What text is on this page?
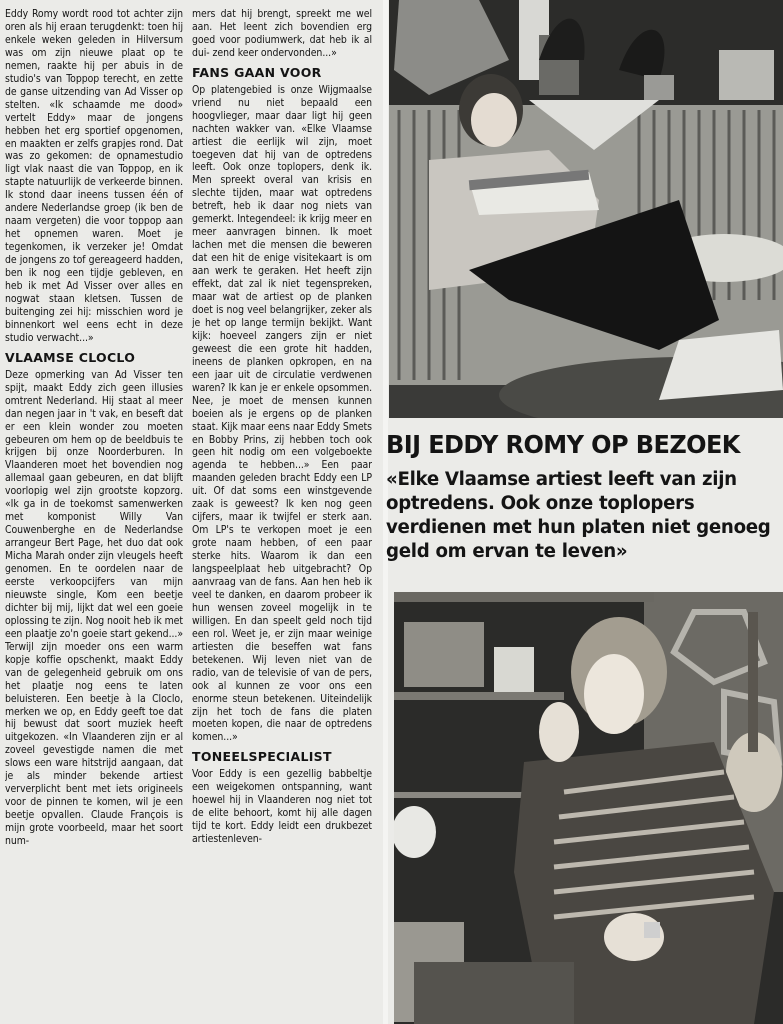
Eddy Romy wordt rood tot achter zijn oren als hij eraan terugdenkt: toen hij enkele weken geleden in Hilversum was om zijn nieuwe plaat op te nemen, raakte hij per abuis in de studio's van Toppop terecht, en zette de ganse uitzending van Ad Visser op stelten. «Ik schaamde me dood» vertelt Eddy» maar de jongens hebben het erg sportief opgenomen, en maakten er zelfs grapjes rond. Dat was zo gekomen: de opnamestudio ligt vlak naast die van Toppop, en ik stapte natuurlijk de verkeerde binnen. Ik stond daar ineens tussen één of andere Nederlandse groep (ik ben de naam vergeten) die voor toppop aan het opnemen waren. Moet je tegenkomen, ik verzeker je! Omdat de jongens zo tof gereageerd hadden, ben ik nog een tijdje gebleven, en heb ik met Ad Visser over alles en nogwat staan kletsen. Tussen de buitenging zei hij: misschien word je binnenkort wel eens echt in deze studio verwacht...»

VLAAMSE CLOCLO

Deze opmerking van Ad Visser ten spijt, maakt Eddy zich geen illusies omtrent Nederland. Hij staat al meer dan negen jaar in 't vak, en beseft dat er een klein wonder zou moeten gebeuren om hem op de beeldbuis te krijgen bij onze Noorderburen. In Vlaanderen moet het bovendien nog allemaal gaan gebeuren, en dat blijft voorlopig wel zijn grootste kopzorg. «Ik ga in de toekomst samenwerken met komponist Willy Van Couwenberghe en de Nederlandse arrangeur Bert Page, het duo dat ook Micha Marah onder zijn vleugels heeft genomen. En te oordelen naar de eerste verkoopcijfers van mijn nieuwste single, Kom een beetje dichter bij mij, lijkt dat wel een goeie oplossing te zijn. Nog nooit heb ik met een plaatje zo'n goeie start gekend...» Terwijl zijn moeder ons een warm kopje koffie opschenkt, maakt Eddy van de gelegenheid gebruik om ons het plaatje nog eens te laten beluisteren. Een beetje à la Cloclo, merken we op, en Eddy geeft toe dat hij bewust dat soort muziek heeft uitgekozen. «In Vlaanderen zijn er al zoveel gevestigde namen die met slows een ware hitstrijd aangaan, dat je als minder bekende artiest ververplicht bent met iets origineels voor de pinnen te komen, wil je een beetje opvallen. Claude François is mijn grote voorbeeld, maar het soort num-

mers dat hij brengt, spreekt me wel aan. Het leent zich bovendien erg goed voor podiumwerk, dat heb ik al dui- zend keer ondervonden...»

FANS GAAN VOOR

Op platengebied is onze Wijgmaalse vriend nu niet bepaald een hoogvlieger, maar daar ligt hij geen nachten wakker van. «Elke Vlaamse artiest die eerlijk wil zijn, moet toegeven dat hij van de optredens leeft. Ook onze toplopers, denk ik. Men spreekt overal van krisis en slechte tijden, maar wat optredens betreft, heb ik daar nog niets van gemerkt. Integendeel: ik krijg meer en meer aanvragen binnen. Ik moet lachen met die mensen die beweren dat een hit de enige visitekaart is om aan werk te geraken. Het heeft zijn effekt, dat zal ik niet tegenspreken, maar wat de artiest op de planken doet is nog veel belangrijker, zeker als je het op lange termijn bekijkt. Want kijk: hoeveel zangers zijn er niet geweest die een grote hit hadden, ineens de planken opkropen, en na een jaar uit de circulatie verdwenen waren? Ik kan je er enkele opsommen. Nee, je moet de mensen kunnen boeien als je ergens op de planken staat. Kijk maar eens naar Eddy Smets en Bobby Prins, zij hebben toch ook geen hit nodig om een volgeboekte agenda te hebben...» Een paar maanden geleden bracht Eddy een LP uit. Of dat soms een winstgevende zaak is geweest? Ik ken nog geen cijfers, maar ik twijfel er sterk aan. Om LP's te verkopen moet je een grote naam hebben, of een paar sterke hits. Waarom ik dan een langspeelplaat heb uitgebracht? Op aanvraag van de fans. Aan hen heb ik veel te danken, en daarom probeer ik hun wensen zoveel mogelijk in te willigen. En dan speelt geld noch tijd een rol. Weet je, er zijn maar weinige artiesten die beseffen wat fans betekenen. Wij leven niet van de radio, van de televisie of van de pers, ook al kunnen ze voor ons een enorme steun betekenen. Uiteindelijk zijn het toch de fans die platen moeten kopen, die naar de optredens komen...»

TONEELSPECIALIST

Voor Eddy is een gezellig babbeltje een weigekomen ontspanning, want hoewel hij in Vlaanderen nog niet tot de elite behoort, komt hij alle dagen tijd te kort. Eddy leidt een drukbezet artiestenleven-

BIJ EDDY ROMY OP BEZOEK
«Elke Vlaamse artiest leeft van zijn optredens. Ook onze toplopers verdienen met hun platen niet genoeg geld om ervan te leven»
